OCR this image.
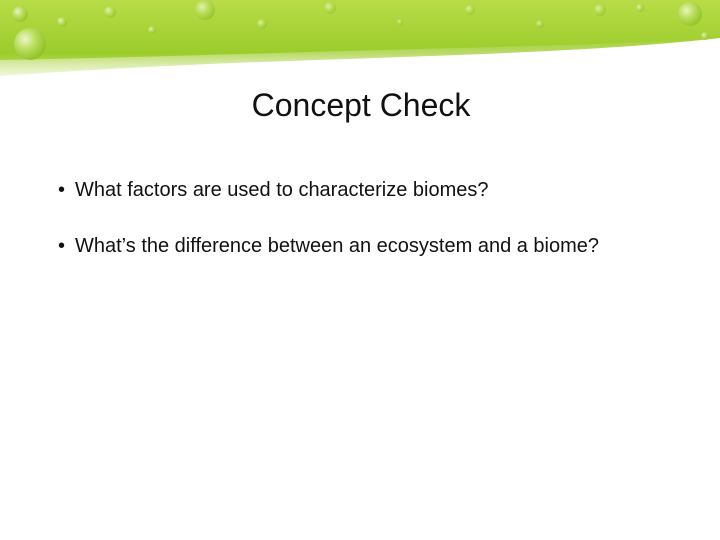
Concept Check
• What factors are used to characterize biomes?
• What’s the difference between an ecosystem and a biome?
